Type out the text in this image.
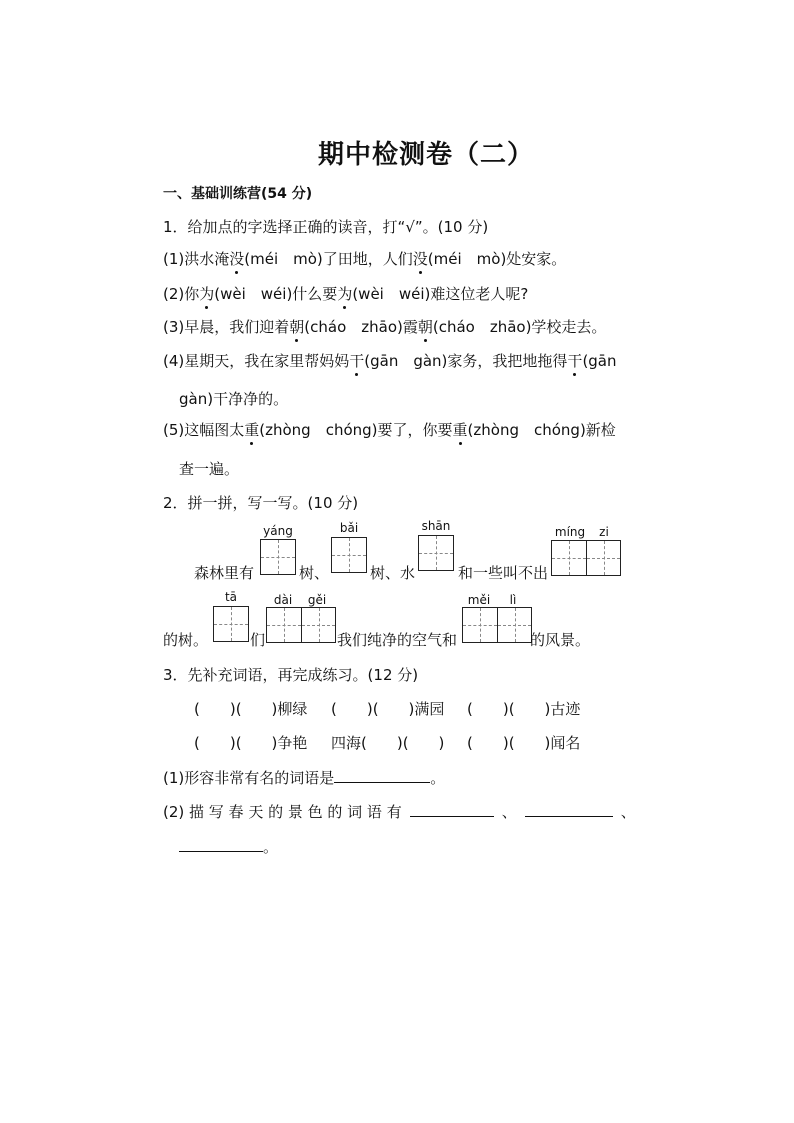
期中检测卷（二）
一、基础训练营(54 分)
1．给加点的字选择正确的读音，打“√”。(10 分)
(1)洪水淹没(méi　mò)了田地，人们没(méi　mò)处安家。
(2)你为(wèi　wéi)什么要为(wèi　wéi)难这位老人呢?
(3)早晨，我们迎着朝(cháo　zhāo)霞朝(cháo　zhāo)学校走去。
(4)星期天，我在家里帮妈妈干(gān　gàn)家务，我把地拖得干(gān
gàn)干净净的。
(5)这幅图太重(zhòng　chóng)要了，你要重(zhòng　chóng)新检
查一遍。
2．拼一拼，写一写。(10 分)
森林里有
yáng
树、
bǎi
树、水
shān
和一些叫不出
míng	zi
的树。
tā
们
dài	gěi
我们纯净的空气和
měi	lì
的风景。
3．先补充词语，再完成练习。(12 分)
(　　)(　　)柳绿 (　　)(　　)满园 (　　)(　　)古迹
(　　)(　　)争艳 四海(　　)(　　) (　　)(　　)闻名
(1)形容非常有名的词语是	。
(2) 描 写 春 天 的 景 色 的 词 语 有	、	、
。
